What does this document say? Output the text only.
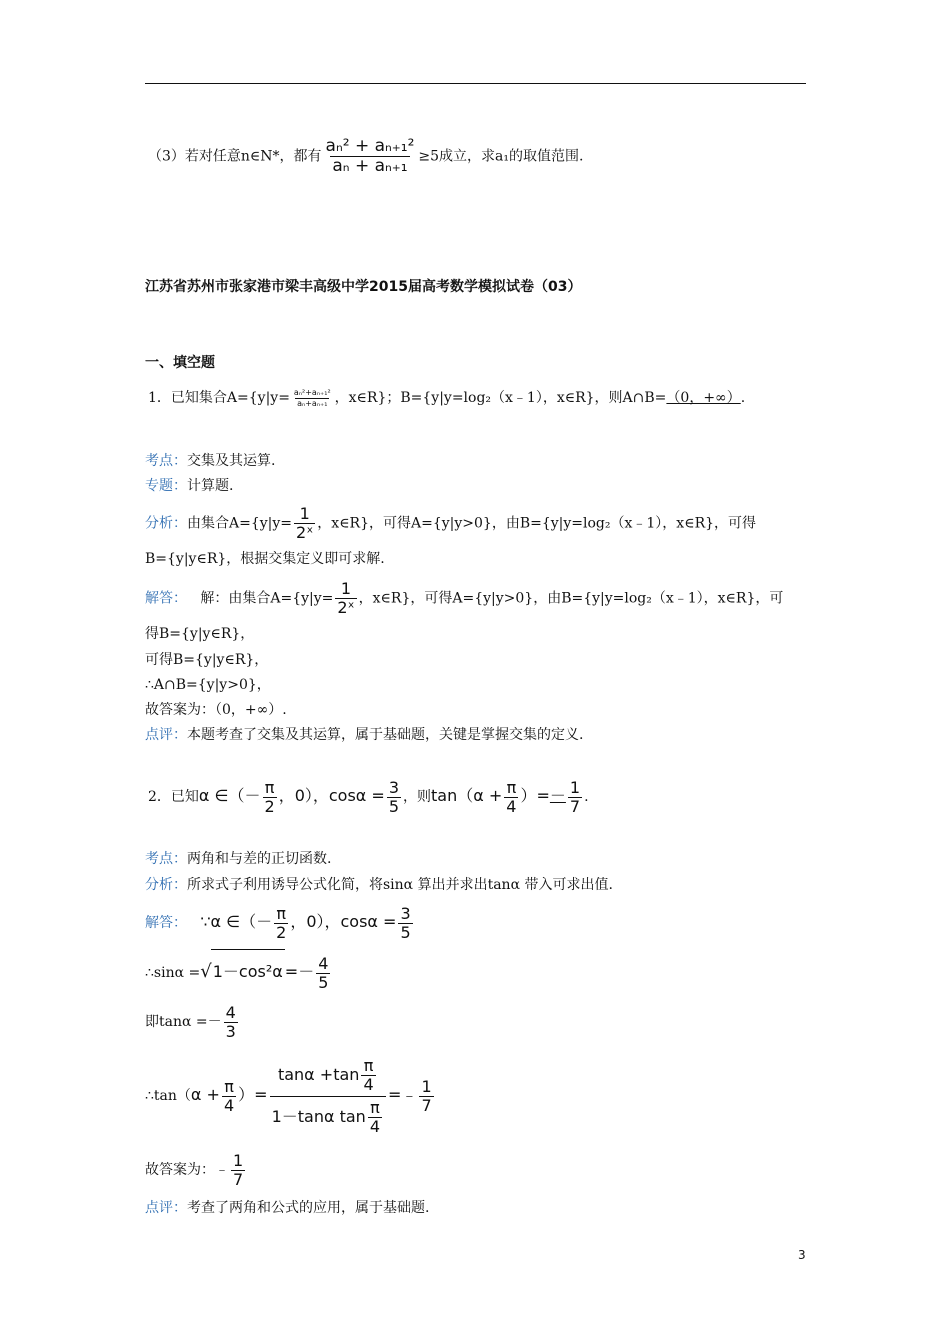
（3）若对任意n∈N*，都有 $\frac{\text{aₙ² + aₙ₊₁²}}{\text{aₙ + aₙ₊₁}} \ge 5$成立，求a₁的取值范围.
江苏省苏州市张家港市梁丰高级中学2015届高考数学模拟试卷（03）
一、填空题
1．已知集合$A=\{y|y= \frac{\text{aₙ²+aₙ₊₁²}}{\text{aₙ+aₙ₊₁}}$ ，x∈R}；B={y|y=log₂（x﹣1），x∈R}，则A∩B=（0，+∞）.
考点：交集及其运算.
专题：计算题.
分析：由集合$A=\{y|y= \frac{1}{\text{2ˣ}}$ ，x∈R}，可得A={y|y>0}，由B={y|y=log₂（x﹣1），x∈R}，可得
B={y|y∈R}，根据交集定义即可求解.
解答： 解：由集合$A=\{y|y= \frac{1}{\text{2ˣ}}$ ，x∈R}，可得A={y|y>0}，由B={y|y=log₂（x﹣1），x∈R}，可
得B={y|y∈R}，
可得B={y|y∈R}，
∴A∩B={y|y>0}，
故答案为：（0，+∞）.
点评：本题考查了交集及其运算，属于基础题，关键是掌握交集的定义.
2．已知α ∈（－ $\frac{\pi}{2}$ ，0），$\cos\alpha = \frac{3}{5}$ ，则$\tan(\alpha + \frac{\pi}{4}$ ）=－ $\frac{1}{7}$ .
考点：两角和与差的正切函数.
分析：所求式子利用诱导公式化简，将sinα 算出并求出tanα 带入可求出值.
解答： ∵α ∈（－ $\frac{\pi}{2}$ ，0），$\cos\alpha = \frac{3}{5}$
∴sinα $=√1-\cos^2\alpha =- \frac{4}{5}$
即$\tan\alpha =- \frac{4}{3}$
∴tan（α + $\frac{\pi}{4}$ ）= $\frac{\tan\alpha +\tan \frac{\pi}{4}}{1-\tan\alpha \tan \frac{\pi}{4}}$ =﹣ $\frac{1}{7}$
故答案为：﹣ $\frac{1}{7}$
点评：考查了两角和公式的应用，属于基础题.
3
